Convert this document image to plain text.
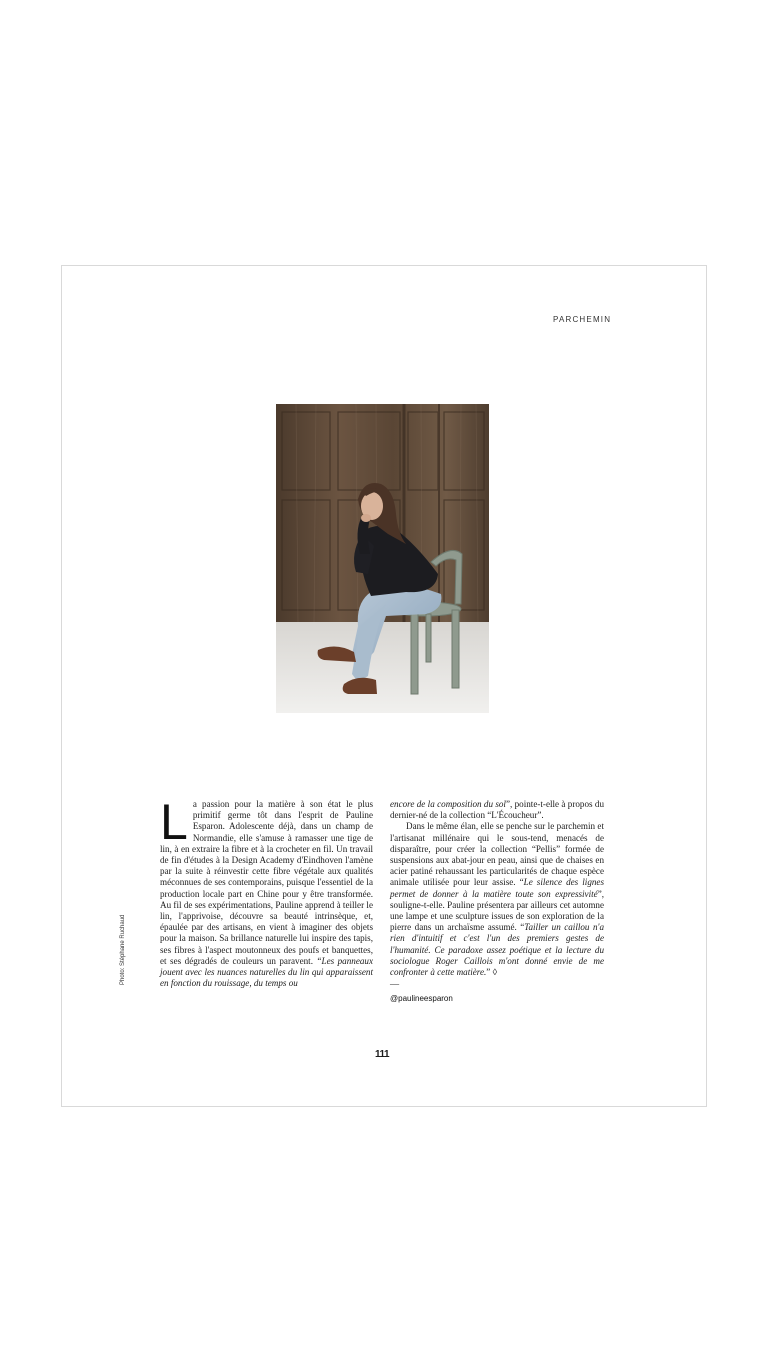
PARCHEMIN
Photo: Stéphane Ruchaud
L a passion pour la matière à son état le plus primitif germe tôt dans l'esprit de Pauline Esparon. Adolescente déjà, dans un champ de Normandie, elle s'amuse à ramasser une tige de lin, à en extraire la fibre et à la crocheter en fil. Un travail de fin d'études à la Design Academy d'Eindhoven l'amène par la suite à réinvestir cette fibre végétale aux qualités méconnues de ses contemporains, puisque l'essentiel de la production locale part en Chine pour y être transformée. Au fil de ses expérimentations, Pauline apprend à teiller le lin, l'apprivoise, découvre sa beauté intrinsèque, et, épaulée par des artisans, en vient à imaginer des objets pour la maison. Sa brillance naturelle lui inspire des tapis, ses fibres à l'aspect moutonneux des poufs et banquettes, et ses dégradés de couleurs un paravent. “Les panneaux jouent avec les nuances naturelles du lin qui apparaissent en fonction du rouissage, du temps ou

encore de la composition du sol”, pointe-t-elle à propos du dernier-né de la collection “L'Écoucheur”.

Dans le même élan, elle se penche sur le parchemin et l'artisanat millénaire qui le sous-tend, menacés de disparaître, pour créer la collection “Pellis” formée de suspensions aux abat-jour en peau, ainsi que de chaises en acier patiné rehaussant les particularités de chaque espèce animale utilisée pour leur assise. “Le silence des lignes permet de donner à la matière toute son expressivité”, souligne-t-elle. Pauline présentera par ailleurs cet automne une lampe et une sculpture issues de son exploration de la pierre dans un archaïsme assumé. “Tailler un caillou n'a rien d'intuitif et c'est l'un des premiers gestes de l'humanité. Ce paradoxe assez poétique et la lecture du sociologue Roger Caillois m'ont donné envie de me confronter à cette matière.” ◊

—
@paulineesparon
111
